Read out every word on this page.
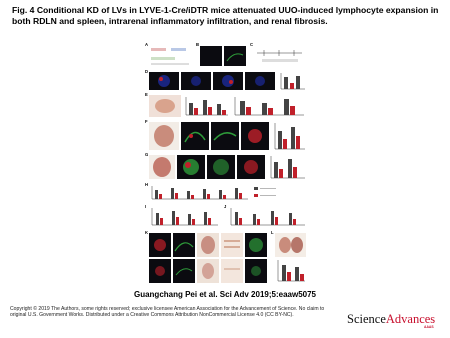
Fig. 4 Conditional KD of LVs in LYVE-1-Cre/iDTR mice attenuated UUO-induced lymphocyte expansion in both RDLN and spleen, intrarenal inflammatory infiltration, and renal fibrosis.
A	B	C
D
E
F
G
H
I	J
K	L
Guangchang Pei et al. Sci Adv 2019;5:eaaw5075
Copyright © 2019 The Authors, some rights reserved; exclusive licensee American Association for the Advancement of Science. No claim to original U.S. Government Works. Distributed under a Creative Commons Attribution NonCommercial License 4.0 (CC BY-NC).	ScienceAdvances
AAAS
